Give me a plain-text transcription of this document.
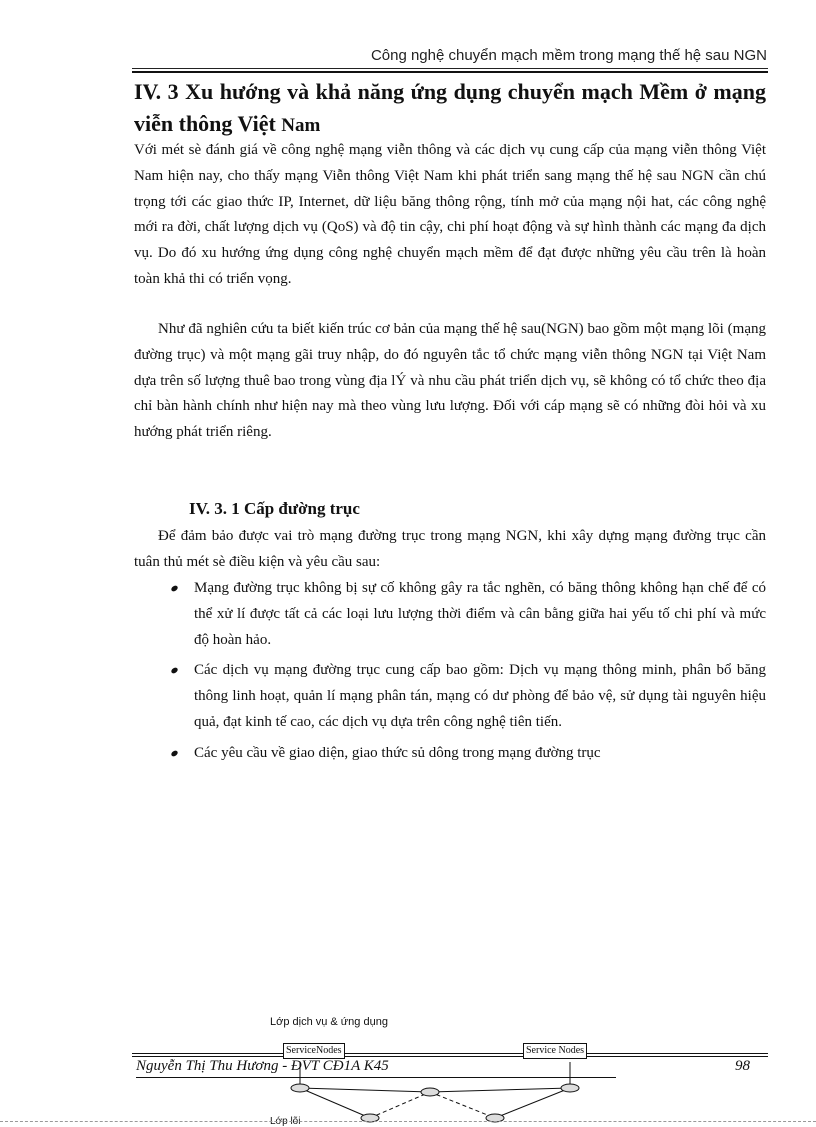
Công nghệ chuyển mạch mềm trong mạng thế hệ sau NGN
IV. 3 Xu hướng và khả năng ứng dụng chuyển mạch Mềm ở mạng viễn thông Việt Nam

Với mét sè đánh giá về công nghệ mạng viễn thông và các dịch vụ cung cấp của mạng viễn thông Việt Nam hiện nay, cho thấy mạng Viễn thông Việt Nam khi phát triển sang mạng thế hệ sau NGN cần chú trọng tới các giao thức IP, Internet, dữ liệu băng thông rộng, tính mở của mạng nội hat, các công nghệ mới ra đời, chất lượng dịch vụ (QoS) và độ tin cậy, chi phí hoạt động và sự hình thành các mạng đa dịch vụ. Do đó xu hướng ứng dụng công nghệ chuyển mạch mềm để đạt được những yêu cầu trên là hoàn toàn khả thi có triển vọng.

Như đã nghiên cứu ta biết kiến trúc cơ bản của mạng thế hệ sau(NGN) bao gồm một mạng lõi (mạng đường trục) và một mạng gãi truy nhập, do đó nguyên tắc tổ chức mạng viễn thông NGN tại Việt Nam dựa trên số lượng thuê bao trong vùng địa lÝ và nhu cầu phát triển dịch vụ, sẽ không có tổ chức theo địa chỉ bàn hành chính như hiện nay mà theo vùng lưu lượng. Đối với cáp mạng sẽ có những đòi hỏi và xu hướng phát triển riêng.

IV. 3. 1 Cấp đường trục

Để đảm bảo được vai trò mạng đường trục trong mạng NGN, khi xây dựng mạng đường trục cần tuân thủ mét sè điều kiện và yêu cầu sau:

Mạng đường trục không bị sự cố không gây ra tắc nghẽn, có băng thông không hạn chế để có thể xử lí được tất cả các loại lưu lượng thời điểm và cân bằng giữa hai yếu tố chi phí và mức độ hoàn hảo.
Các dịch vụ mạng đường trục cung cấp bao gồm: Dịch vụ mạng thông minh, phân bổ băng thông linh hoạt, quản lí mạng phân tán, mạng có dư phòng để bảo vệ, sử dụng tài nguyên hiệu quả, đạt kinh tế cao, các dịch vụ dựa trên công nghệ tiên tiến.
Các yêu cầu về giao diện, giao thức sủ dông trong mạng đường trục
Lớp dịch vụ & ứng dụng
ServiceNodes	Service Nodes
Nguyễn Thị Thu Hương - ĐVT CĐ1A K45	98
Lớp lõi
